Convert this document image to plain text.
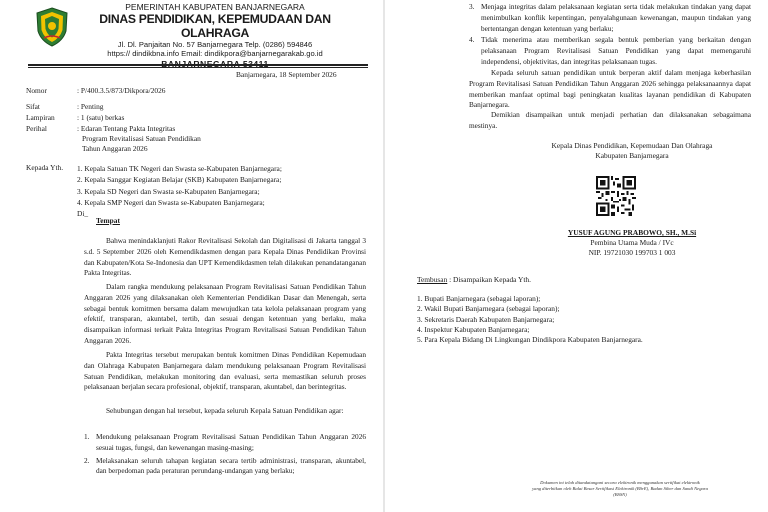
PEMERINTAH KABUPATEN BANJARNEGARA
DINAS PENDIDIKAN, KEPEMUDAAN DAN OLAHRAGA
Jl. Dl. Panjaitan No. 57 Banjarnegara Telp. (0286) 594846
https:// dindikbna.info Email: dindikpora@banjarnegarakab.go.id
BANJARNEGARA 53411
Banjarnegara, 18 September 2026
Nomor	: P/400.3.5/873/Dikpora/2026
Sifat	: Penting
Lampiran	: 1 (satu) berkas
Perihal	: Edaran Tentang Pakta Integritas
Program Revitalisasi Satuan Pendidikan
Tahun Anggaran 2026
Kepada Yth. 1. Kepala Satuan TK Negeri dan Swasta se-Kabupaten Banjarnegara;
2. Kepala Sanggar Kegiatan Belajar (SKB) Kabupaten Banjarnegara;
3. Kepala SD Negeri dan Swasta se-Kabupaten Banjarnegara;
4. Kepala SMP Negeri dan Swasta se-Kabupaten Banjarnegara;
Di_
Tempat
Bahwa menindaklanjuti Rakor Revitalisasi Sekolah dan Digitalisasi di Jakarta tanggal 3 s.d. 5 September 2026 oleh Kemendikdasmen dengan para Kepala Dinas Pendidikan Provinsi dan Kabupaten/Kota Se-Indonesia dan UPT Kemendikdasmen telah dilakukan penandatanganan Pakta Integritas.
Dalam rangka mendukung pelaksanaan Program Revitalisasi Satuan Pendidikan Tahun Anggaran 2026 yang dilaksanakan oleh Kementerian Pendidikan Dasar dan Menengah, serta sebagai bentuk komitmen bersama dalam mewujudkan tata kelola pelaksanaan program yang efektif, transparan, akuntabel, tertib, dan sesuai dengan ketentuan yang berlaku, maka disampaikan informasi terkait Pakta Integritas Program Revitalisasi Satuan Pendidikan Tahun Anggaran 2026.
Pakta Integritas tersebut merupakan bentuk komitmen Dinas Pendidikan Kepemudaan dan Olahraga Kabupaten Banjarnegara dalam mendukung pelaksanaan Program Revitalisasi Satuan Pendidikan, melakukan monitoring dan evaluasi, serta memastikan seluruh proses pelaksanaan berjalan secara profesional, objektif, transparan, akuntabel, dan berintegritas.
Sehubungan dengan hal tersebut, kepada seluruh Kepala Satuan Pendidikan agar:
1. Mendukung pelaksanaan Program Revitalisasi Satuan Pendidikan Tahun Anggaran 2026 sesuai tugas, fungsi, dan kewenangan masing-masing;
2. Melaksanakan seluruh tahapan kegiatan secara tertib administrasi, transparan, akuntabel, dan berpedoman pada peraturan perundang-undangan yang berlaku;
3. Menjaga integritas dalam pelaksanaan kegiatan serta tidak melakukan tindakan yang dapat menimbulkan konflik kepentingan, penyalahgunaan kewenangan, maupun tindakan yang bertentangan dengan ketentuan yang berlaku;
4. Tidak menerima atau memberikan segala bentuk pemberian yang berkaitan dengan pelaksanaan Program Revitalisasi Satuan Pendidikan yang dapat memengaruhi independensi, objektivitas, dan integritas pelaksanaan tugas.
Kepada seluruh satuan pendidikan untuk berperan aktif dalam menjaga keberhasilan Program Revitalisasi Satuan Pendidikan Tahun Anggaran 2026 sehingga pelaksanaannya dapat memberikan manfaat optimal bagi peningkatan kualitas layanan pendidikan di Kabupaten Banjarnegara.
Demikian disampaikan untuk menjadi perhatian dan dilaksanakan sebagaimana mestinya.
Kepala Dinas Pendidikan, Kepemudaan Dan Olahraga
Kabupaten Banjarnegara
YUSUF AGUNG PRABOWO, SH., M.Si
Pembina Utama Muda / IVc
NIP. 19721030 199703 1 003
Tembusan : Disampaikan Kepada Yth.
1. Bupati Banjarnegara (sebagai laporan);
2. Wakil Bupati Banjarnegara (sebagai laporan);
3. Sekretaris Daerah Kabupaten Banjarnegara;
4. Inspektur Kabupaten Banjarnegara;
5. Para Kepala Bidang Di Lingkungan Dindikpora Kabupaten Banjarnegara.
Dokumen ini telah ditandatangani secara elektronik menggunakan sertifikat elektronik
yang diterbitkan oleh Balai Besar Sertifikasi Elektronik (BSrE), Badan Siber dan Sandi Negara (BSSN)
